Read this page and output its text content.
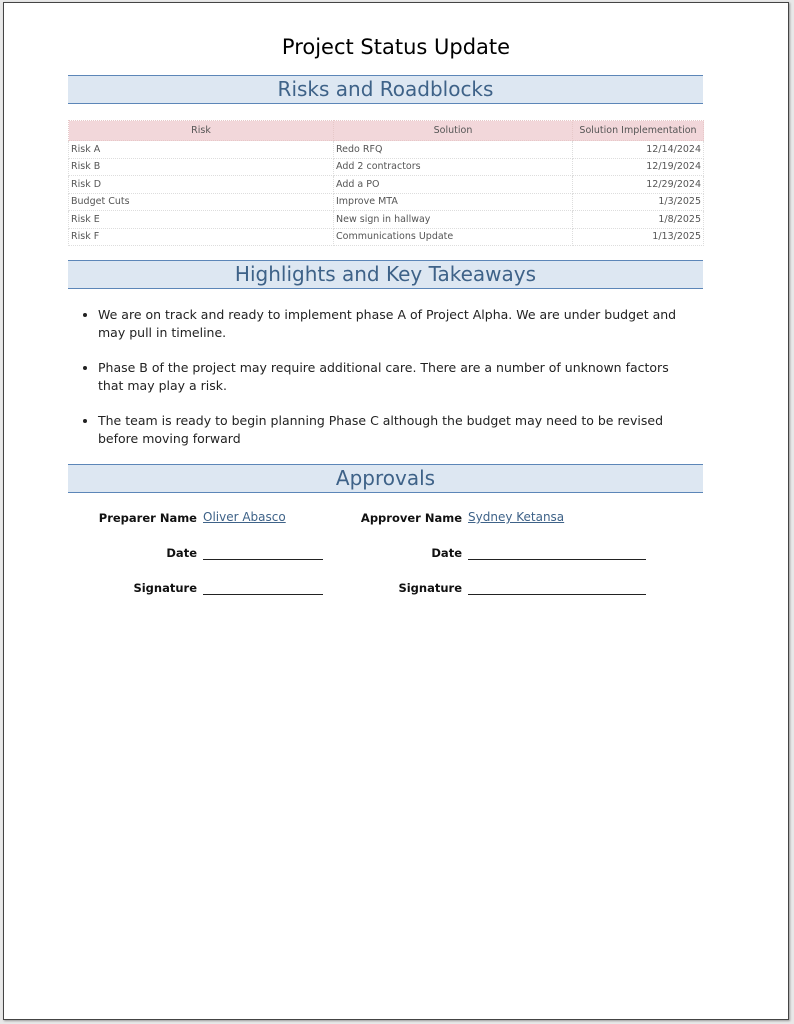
Project Status Update
Risks and Roadblocks
Risk	Solution	Solution Implementation
Risk A	Redo RFQ	12/14/2024
Risk B	Add 2 contractors	12/19/2024
Risk D	Add a PO	12/29/2024
Budget Cuts	Improve MTA	1/3/2025
Risk E	New sign in hallway	1/8/2025
Risk F	Communications Update	1/13/2025
Highlights and Key Takeaways
• We are on track and ready to implement phase A of Project Alpha. We are under budget and may pull in timeline.
• Phase B of the project may require additional care. There are a number of unknown factors that may play a risk.
• The team is ready to begin planning Phase C although the budget may need to be revised before moving forward
Approvals
Preparer Name Oliver Abasco	Approver Name Sydney Ketansa
Date	Date
Signature	Signature
